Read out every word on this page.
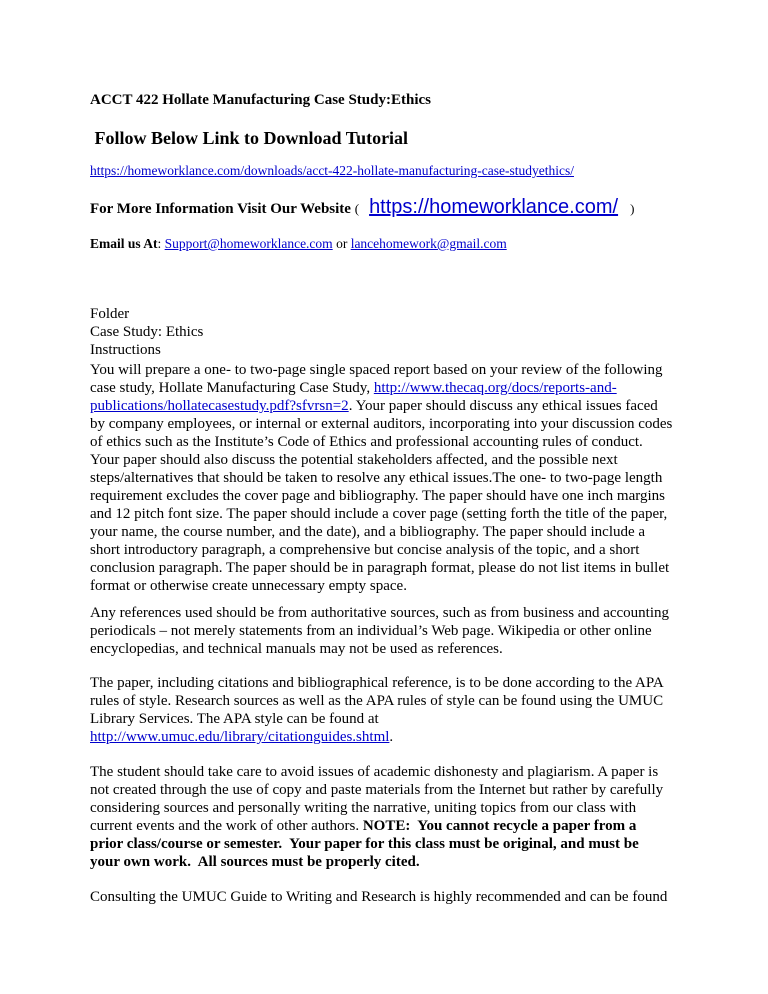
ACCT 422 Hollate Manufacturing Case Study:Ethics
Follow Below Link to Download Tutorial
https://homeworklance.com/downloads/acct-422-hollate-manufacturing-case-studyethics/
For More Information Visit Our Website ( https://homeworklance.com/ )
Email us At: Support@homeworklance.com or lancehomework@gmail.com
Folder
Case Study: Ethics
Instructions
You will prepare a one- to two-page single spaced report based on your review of the following
case study, Hollate Manufacturing Case Study, http://www.thecaq.org/docs/reports-and-
publications/hollatecasestudy.pdf?sfvrsn=2. Your paper should discuss any ethical issues faced
by company employees, or internal or external auditors, incorporating into your discussion codes
of ethics such as the Institute’s Code of Ethics and professional accounting rules of conduct.
Your paper should also discuss the potential stakeholders affected, and the possible next
steps/alternatives that should be taken to resolve any ethical issues.The one- to two-page length
requirement excludes the cover page and bibliography. The paper should have one inch margins
and 12 pitch font size. The paper should include a cover page (setting forth the title of the paper,
your name, the course number, and the date), and a bibliography. The paper should include a
short introductory paragraph, a comprehensive but concise analysis of the topic, and a short
conclusion paragraph. The paper should be in paragraph format, please do not list items in bullet
format or otherwise create unnecessary empty space.
Any references used should be from authoritative sources, such as from business and accounting
periodicals – not merely statements from an individual’s Web page. Wikipedia or other online
encyclopedias, and technical manuals may not be used as references.
The paper, including citations and bibliographical reference, is to be done according to the APA
rules of style. Research sources as well as the APA rules of style can be found using the UMUC
Library Services. The APA style can be found at
http://www.umuc.edu/library/citationguides.shtml.
The student should take care to avoid issues of academic dishonesty and plagiarism. A paper is
not created through the use of copy and paste materials from the Internet but rather by carefully
considering sources and personally writing the narrative, uniting topics from our class with
current events and the work of other authors. NOTE:  You cannot recycle a paper from a
prior class/course or semester.  Your paper for this class must be original, and must be
your own work.  All sources must be properly cited.
Consulting the UMUC Guide to Writing and Research is highly recommended and can be found
